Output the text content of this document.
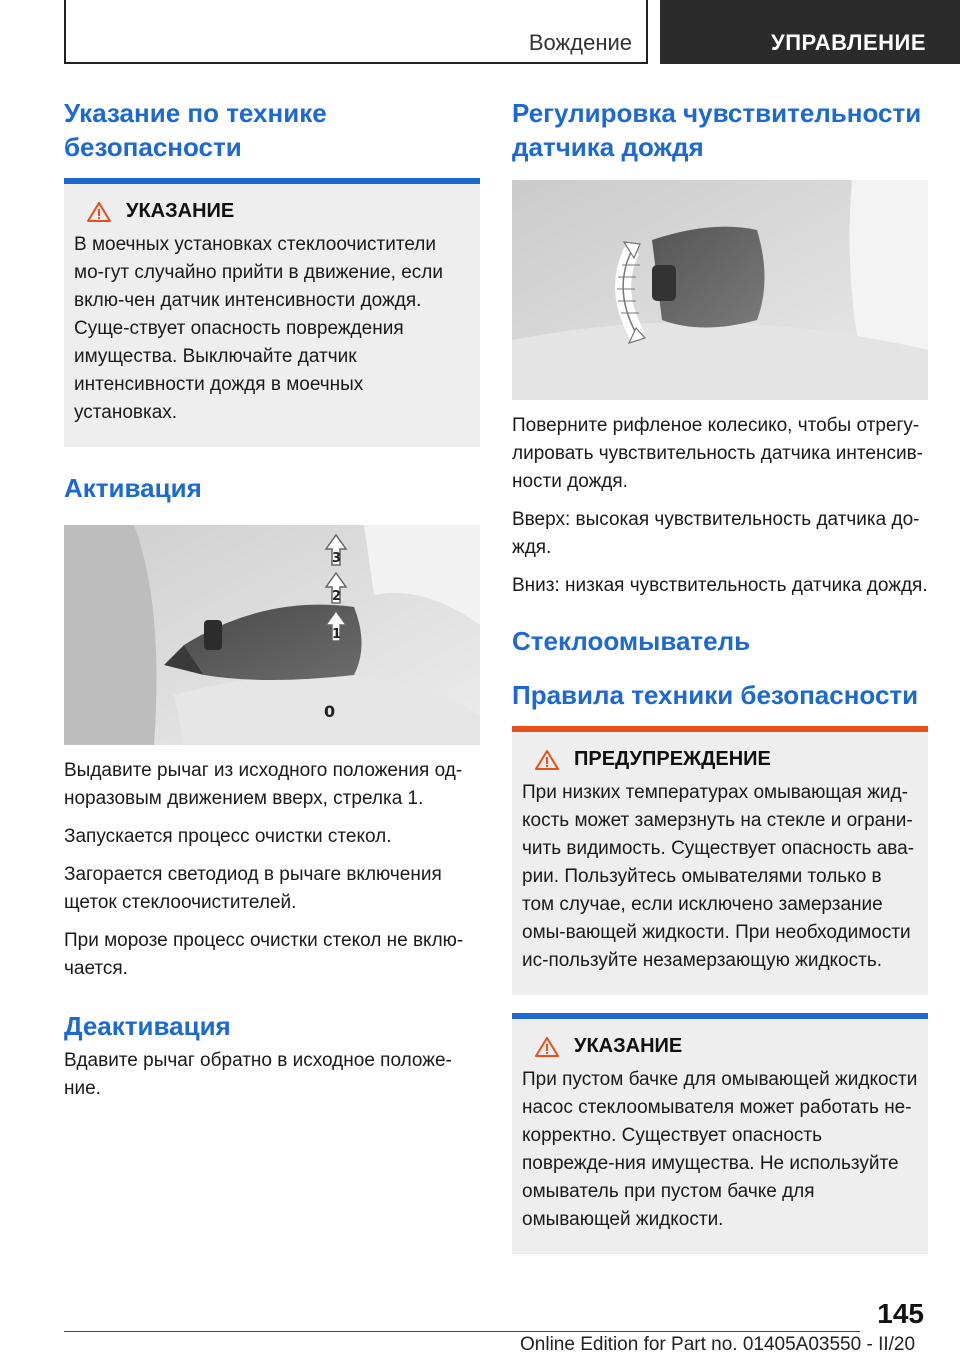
Вождение	УПРАВЛЕНИЕ
Указание по технике безопасности
УКАЗАНИЕ

В моечных установках стеклоочистители мо-гут случайно прийти в движение, если вклю-чен датчик интенсивности дождя. Суще-ствует опасность повреждения имущества. Выключайте датчик интенсивности дождя в моечных установках.

Активация
1
2
3
0

Выдавите рычаг из исходного положения од-норазовым движением вверх, стрелка 1.

Запускается процесс очистки стекол.

Загорается светодиод в рычаге включения щеток стеклоочистителей.

При морозе процесс очистки стекол не вклю-чается.

Деактивация

Вдавите рычаг обратно в исходное положе-ние.

Регулировка чувствительности датчика дождя

Поверните рифленое колесико, чтобы отрегу-лировать чувствительность датчика интенсив-ности дождя.

Вверх: высокая чувствительность датчика до-ждя.

Вниз: низкая чувствительность датчика дождя.

Стеклоомыватель
Правила техники безопасности
ПРЕДУПРЕЖДЕНИЕ

При низких температурах омывающая жид-кость может замерзнуть на стекле и ограни-чить видимость. Существует опасность ава-рии. Пользуйтесь омывателями только в том случае, если исключено замерзание омы-вающей жидкости. При необходимости ис-пользуйте незамерзающую жидкость.

УКАЗАНИЕ

При пустом бачке для омывающей жидкости насос стеклоомывателя может работать не-корректно. Существует опасность поврежде-ния имущества. Не используйте омыватель при пустом бачке для омывающей жидкости.

145
Online Edition for Part no. 01405A03550 - II/20
